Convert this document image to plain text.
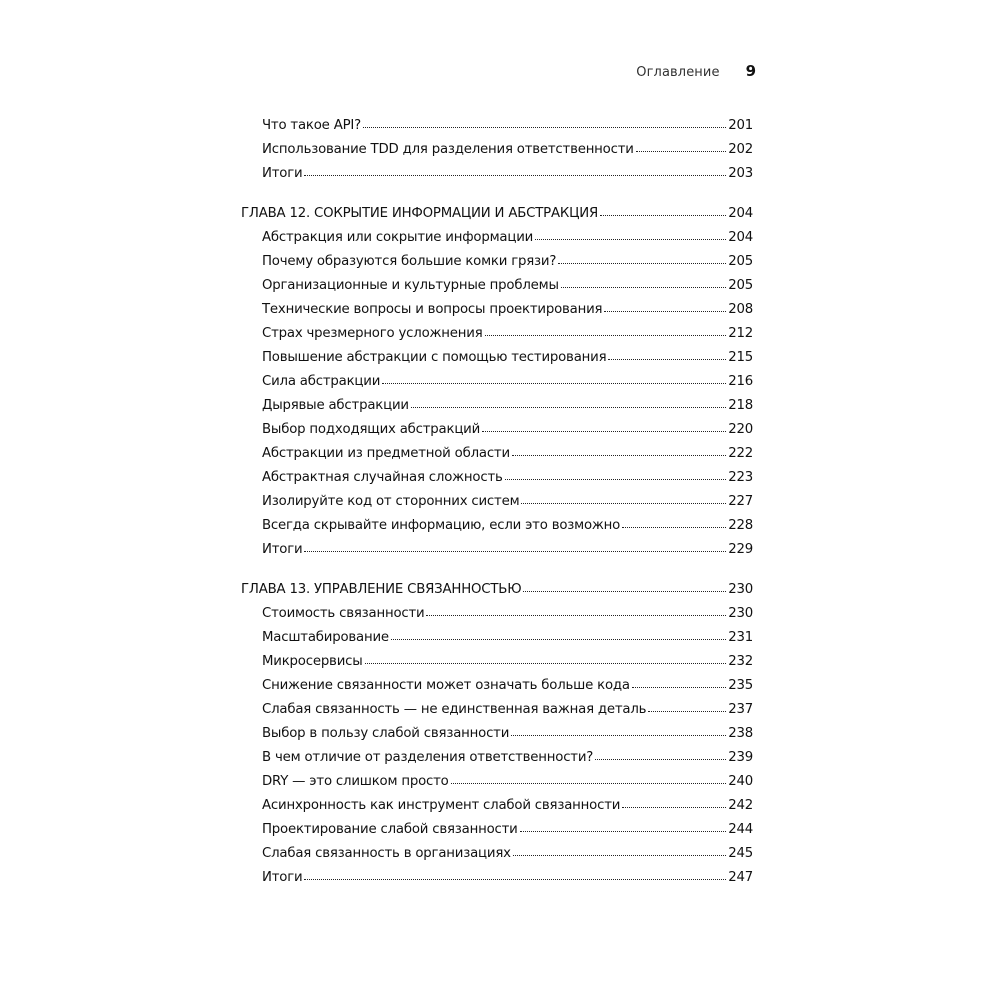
Оглавление 9
Что такое API?	201
Использование TDD для разделения ответственности	202
Итоги	203
ГЛАВА 12. СОКРЫТИЕ ИНФОРМАЦИИ И АБСТРАКЦИЯ	204
Абстракция или сокрытие информации	204
Почему образуются большие комки грязи?	205
Организационные и культурные проблемы	205
Технические вопросы и вопросы проектирования	208
Страх чрезмерного усложнения	212
Повышение абстракции с помощью тестирования	215
Сила абстракции	216
Дырявые абстракции	218
Выбор подходящих абстракций	220
Абстракции из предметной области	222
Абстрактная случайная сложность	223
Изолируйте код от сторонних систем	227
Всегда скрывайте информацию, если это возможно	228
Итоги	229
ГЛАВА 13. УПРАВЛЕНИЕ СВЯЗАННОСТЬЮ	230
Стоимость связанности	230
Масштабирование	231
Микросервисы	232
Снижение связанности может означать больше кода	235
Слабая связанность — не единственная важная деталь	237
Выбор в пользу слабой связанности	238
В чем отличие от разделения ответственности?	239
DRY — это слишком просто	240
Асинхронность как инструмент слабой связанности	242
Проектирование слабой связанности	244
Слабая связанность в организациях	245
Итоги	247
